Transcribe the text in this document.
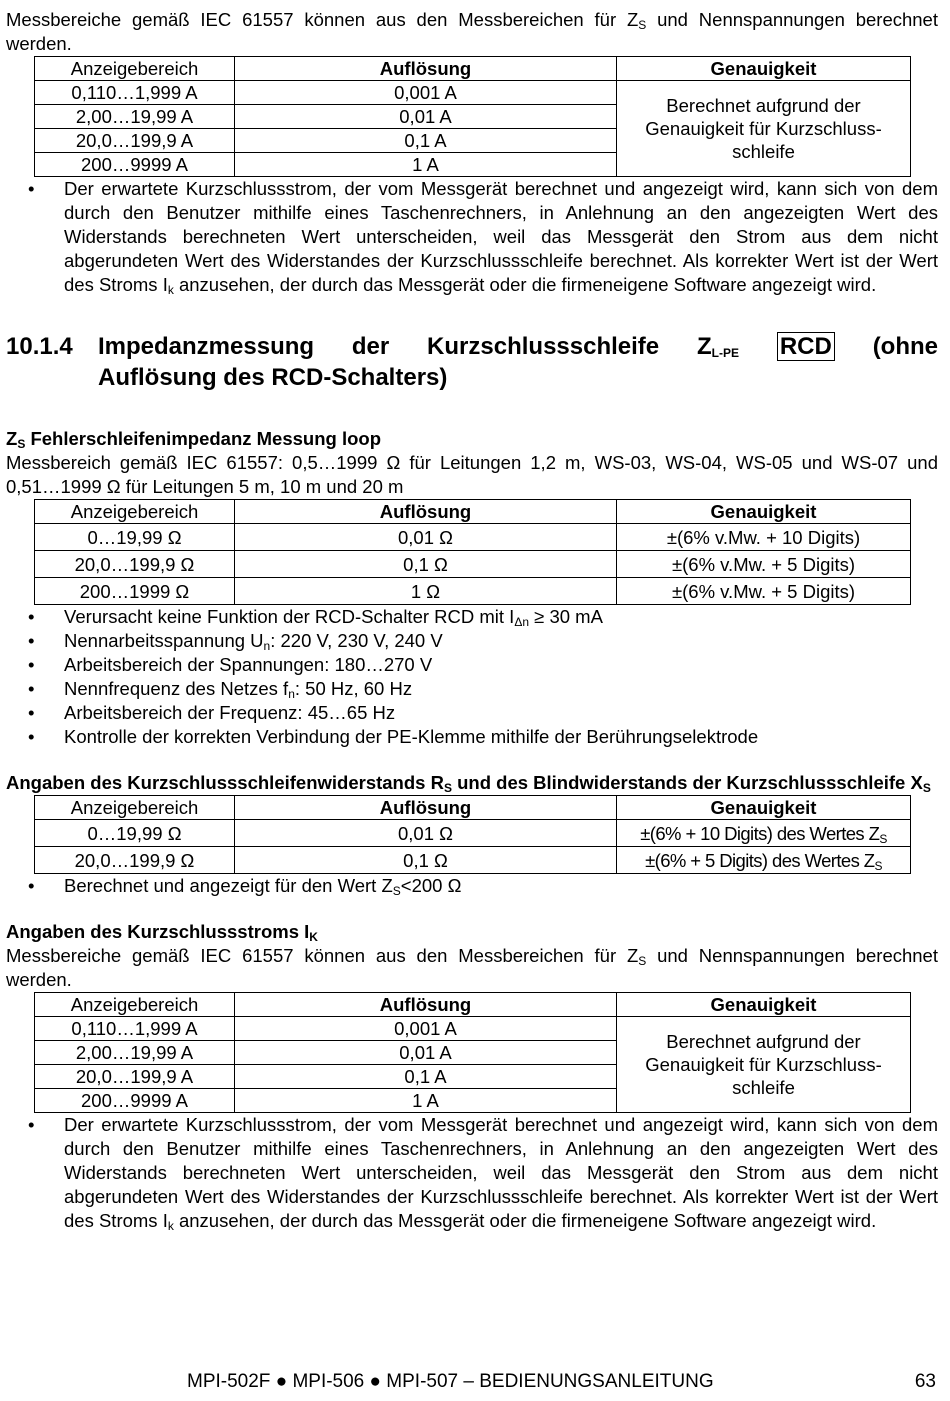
Messbereiche gemäß IEC 61557 können aus den Messbereichen für $Z_S$ und Nennspannungen berechnet werden.

Anzeigebereich	Auflösung	Genauigkeit
0,110…1,999 A	0,001 A	Berechnet aufgrund der Genauigkeit für Kurzschluss-schleife
2,00…19,99 A	0,01 A	
20,0…199,9 A	0,1 A	
200…9999 A	1 A	
• Der erwartete Kurzschlussstrom, der vom Messgerät berechnet und angezeigt wird, kann sich von dem durch den Benutzer mithilfe eines Taschenrechners, in Anlehnung an den angezeigten Wert des Widerstands berechneten Wert unterscheiden, weil das Messgerät den Strom aus dem nicht abgerundeten Wert des Widerstandes der Kurzschlussschleife berechnet. Als korrekter Wert ist der Wert des Stroms $I_k$ anzusehen, der durch das Messgerät oder die firmeneigene Software angezeigt wird.
10.1.4 Impedanzmessung der Kurzschlussschleife $Z_{L-PE}$ RCD (ohne
Auflösung des RCD-Schalters)

$Z_S$ Fehlerschleifenimpedanz Messung loop

Messbereich gemäß IEC 61557: 0,5…1999 Ω für Leitungen 1,2 m, WS-03, WS-04, WS-05 und WS-07 und 0,51…1999 Ω für Leitungen 5 m, 10 m und 20 m

Anzeigebereich	Auflösung	Genauigkeit
0…19,99 Ω	0,01 Ω	±(6% v.Mw. + 10 Digits)
20,0…199,9 Ω	0,1 Ω	±(6% v.Mw. + 5 Digits)
200…1999 Ω	1 Ω	±(6% v.Mw. + 5 Digits)
• Verursacht keine Funktion der RCD-Schalter RCD mit $I_{\Delta n} \ge 30$ mA
• Nennarbeitsspannung $U_n$: 220 V, 230 V, 240 V
• Arbeitsbereich der Spannungen: 180…270 V
• Nennfrequenz des Netzes $f_n$: 50 Hz, 60 Hz
• Arbeitsbereich der Frequenz: 45…65 Hz
• Kontrolle der korrekten Verbindung der PE-Klemme mithilfe der Berührungselektrode

Angaben des Kurzschlussschleifenwiderstands $R_S$ und des Blindwiderstands der Kurzschlussschleife $X_S$

Anzeigebereich	Auflösung	Genauigkeit
0…19,99 Ω	0,01 Ω	±(6% + 10 Digits) des Wertes $Z_S$
20,0…199,9 Ω	0,1 Ω	±(6% + 5 Digits) des Wertes $Z_S$
• Berechnet und angezeigt für den Wert $Z_S<200$ Ω

Angaben des Kurzschlussstroms $I_K$

Messbereiche gemäß IEC 61557 können aus den Messbereichen für $Z_S$ und Nennspannungen berechnet werden.

Anzeigebereich	Auflösung	Genauigkeit
0,110…1,999 A	0,001 A	Berechnet aufgrund der Genauigkeit für Kurzschluss-schleife
2,00…19,99 A	0,01 A	
20,0…199,9 A	0,1 A	
200…9999 A	1 A	
• Der erwartete Kurzschlussstrom, der vom Messgerät berechnet und angezeigt wird, kann sich von dem durch den Benutzer mithilfe eines Taschenrechners, in Anlehnung an den angezeigten Wert des Widerstands berechneten Wert unterscheiden, weil das Messgerät den Strom aus dem nicht abgerundeten Wert des Widerstandes der Kurzschlussschleife berechnet. Als korrekter Wert ist der Wert des Stroms $I_k$ anzusehen, der durch das Messgerät oder die firmeneigene Software angezeigt wird.
MPI-502F ● MPI-506 ● MPI-507 – BEDIENUNGSANLEITUNG	63
